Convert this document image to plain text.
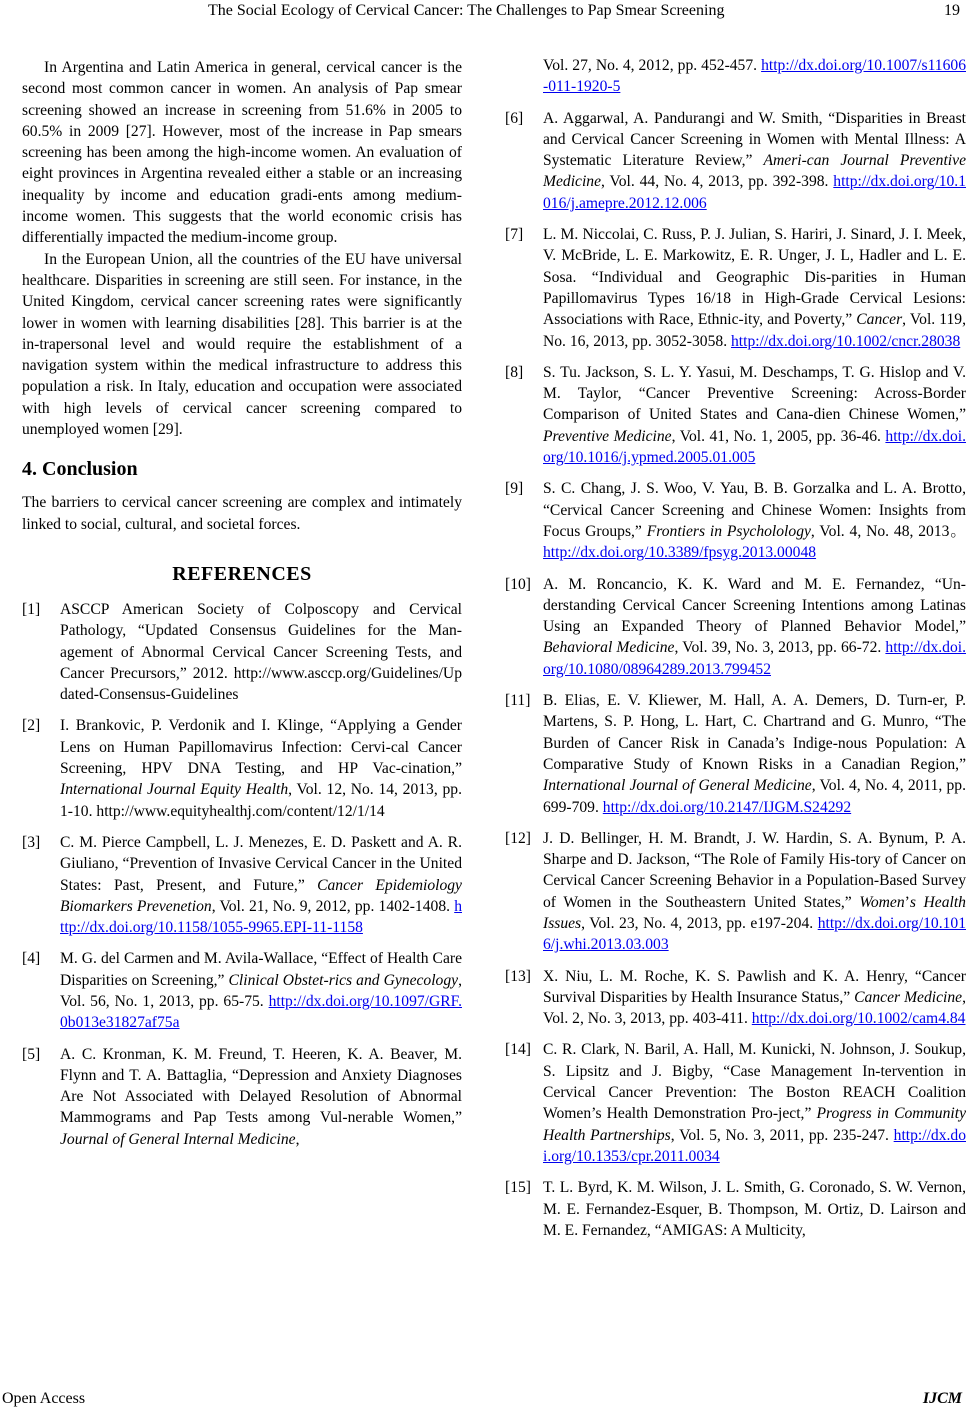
The Social Ecology of Cervical Cancer: The Challenges to Pap Smear Screening	19

In Argentina and Latin America in general, cervical cancer is the second most common cancer in women. An analysis of Pap smear screening showed an increase in screening from 51.6% in 2005 to 60.5% in 2009 [27]. However, most of the increase in Pap smears screening has been among the high-income women. An evaluation of eight provinces in Argentina revealed either a stable or an increasing inequality by income and education gradi-ents among medium-income women. This suggests that the world economic crisis has differentially impacted the medium-income group.

In the European Union, all the countries of the EU have universal healthcare. Disparities in screening are still seen. For instance, in the United Kingdom, cervical cancer screening rates were significantly lower in women with learning disabilities [28]. This barrier is at the in-trapersonal level and would require the establishment of a navigation system within the medical infrastructure to address this population a risk. In Italy, education and occupation were associated with high levels of cervical cancer screening compared to unemployed women [29].

4. Conclusion

The barriers to cervical cancer screening are complex and intimately linked to social, cultural, and societal forces.

REFERENCES
[1]	ASCCP American Society of Colposcopy and Cervical Pathology, “Updated Consensus Guidelines for the Man-agement of Abnormal Cervical Cancer Screening Tests, and Cancer Precursors,” 2012. http://www.asccp.org/Guidelines/Updated-Consensus-Guidelines
[2]	I. Brankovic, P. Verdonik and I. Klinge, “Applying a Gender Lens on Human Papillomavirus Infection: Cervi-cal Cancer Screening, HPV DNA Testing, and HP Vac-cination,” International Journal Equity Health, Vol. 12, No. 14, 2013, pp. 1-10. http://www.equityhealthj.com/content/12/1/14
[3]	C. M. Pierce Campbell, L. J. Menezes, E. D. Paskett and A. R. Giuliano, “Prevention of Invasive Cervical Cancer in the United States: Past, Present, and Future,” Cancer Epidemiology Biomarkers Prevenetion, Vol. 21, No. 9, 2012, pp. 1402-1408. http://dx.doi.org/10.1158/1055-9965.EPI-11-1158
[4]	M. G. del Carmen and M. Avila-Wallace, “Effect of Health Care Disparities on Screening,” Clinical Obstet-rics and Gynecology, Vol. 56, No. 1, 2013, pp. 65-75. http://dx.doi.org/10.1097/GRF.0b013e31827af75a
[5]	A. C. Kronman, K. M. Freund, T. Heeren, K. A. Beaver, M. Flynn and T. A. Battaglia, “Depression and Anxiety Diagnoses Are Not Associated with Delayed Resolution of Abnormal Mammograms and Pap Tests among Vul-nerable Women,” Journal of General Internal Medicine,
Vol. 27, No. 4, 2012, pp. 452-457. http://dx.doi.org/10.1007/s11606-011-1920-5
[6]	A. Aggarwal, A. Pandurangi and W. Smith, “Disparities in Breast and Cervical Cancer Screening in Women with Mental Illness: A Systematic Literature Review,” Ameri-can Journal Preventive Medicine, Vol. 44, No. 4, 2013, pp. 392-398. http://dx.doi.org/10.1016/j.amepre.2012.12.006
[7]	L. M. Niccolai, C. Russ, P. J. Julian, S. Hariri, J. Sinard, J. I. Meek, V. McBride, L. E. Markowitz, E. R. Unger, J. L, Hadler and L. E. Sosa. “Individual and Geographic Dis-parities in Human Papillomavirus Types 16/18 in High-Grade Cervical Lesions: Associations with Race, Ethnic-ity, and Poverty,” Cancer, Vol. 119, No. 16, 2013, pp. 3052-3058. http://dx.doi.org/10.1002/cncr.28038
[8]	S. Tu. Jackson, S. L. Y. Yasui, M. Deschamps, T. G. Hislop and V. M. Taylor, “Cancer Preventive Screening: Across-Border Comparison of United States and Cana-dien Chinese Women,” Preventive Medicine, Vol. 41, No. 1, 2005, pp. 36-46. http://dx.doi.org/10.1016/j.ypmed.2005.01.005
[9]	S. C. Chang, J. S. Woo, V. Yau, B. B. Gorzalka and L. A. Brotto, “Cervical Cancer Screening and Chinese Women: Insights from Focus Groups,” Frontiers in Psycholology, Vol. 4, No. 48, 2013。 http://dx.doi.org/10.3389/fpsyg.2013.00048
[10] A. M. Roncancio, K. K. Ward and M. E. Fernandez, “Un-derstanding Cervical Cancer Screening Intentions among Latinas Using an Expanded Theory of Planned Behavior Model,” Behavioral Medicine, Vol. 39, No. 3, 2013, pp. 66-72. http://dx.doi.org/10.1080/08964289.2013.799452
[11] B. Elias, E. V. Kliewer, M. Hall, A. A. Demers, D. Turn-er, P. Martens, S. P. Hong, L. Hart, C. Chartrand and G. Munro, “The Burden of Cancer Risk in Canada’s Indige-nous Population: A Comparative Study of Known Risks in a Canadian Region,” International Journal of General Medicine, Vol. 4, No. 4, 2011, pp. 699-709. http://dx.doi.org/10.2147/IJGM.S24292
[12] J. D. Bellinger, H. M. Brandt, J. W. Hardin, S. A. Bynum, P. A. Sharpe and D. Jackson, “The Role of Family His-tory of Cancer on Cervical Cancer Screening Behavior in a Population-Based Survey of Women in the Southeastern United States,” Women’s Health Issues, Vol. 23, No. 4, 2013, pp. e197-204. http://dx.doi.org/10.1016/j.whi.2013.03.003
[13] X. Niu, L. M. Roche, K. S. Pawlish and K. A. Henry, “Cancer Survival Disparities by Health Insurance Status,” Cancer Medicine, Vol. 2, No. 3, 2013, pp. 403-411. http://dx.doi.org/10.1002/cam4.84
[14] C. R. Clark, N. Baril, A. Hall, M. Kunicki, N. Johnson, J. Soukup, S. Lipsitz and J. Bigby, “Case Management In-tervention in Cervical Cancer Prevention: The Boston REACH Coalition Women’s Health Demonstration Pro-ject,” Progress in Community Health Partnerships, Vol. 5, No. 3, 2011, pp. 235-247. http://dx.doi.org/10.1353/cpr.2011.0034
[15] T. L. Byrd, K. M. Wilson, J. L. Smith, G. Coronado, S. W. Vernon, M. E. Fernandez-Esquer, B. Thompson, M. Ortiz, D. Lairson and M. E. Fernandez, “AMIGAS: A Multicity,
Open Access	IJCM
